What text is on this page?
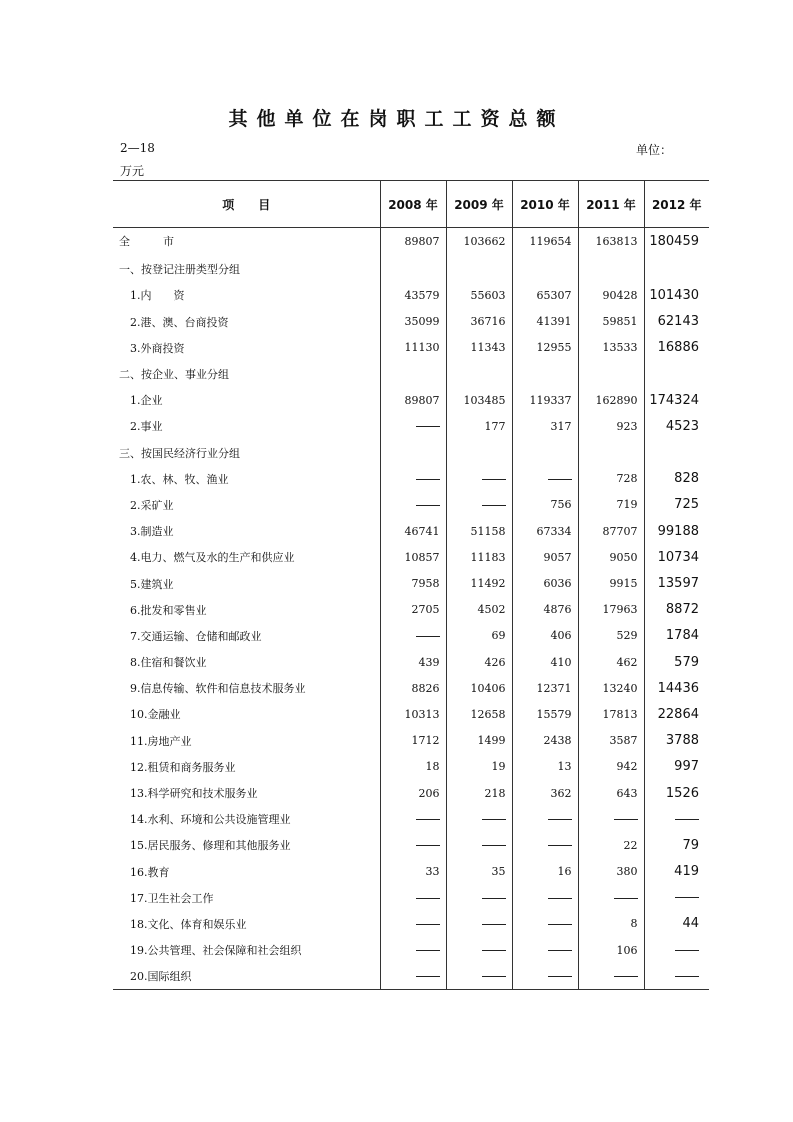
其他单位在岗职工工资总额
2—18	单位：
万元
项　　目	2008 年	2009 年	2010 年	2011 年	2012 年
全　　　市	89807	103662	119654	163813	180459
一、按登记注册类型分组					
　1.内　　资	43579	55603	65307	90428	101430
　2.港、澳、台商投资	35099	36716	41391	59851	62143
　3.外商投资	11130	11343	12955	13533	16886
二、按企业、事业分组					
　1.企业	89807	103485	119337	162890	174324
　2.事业		177	317	923	4523
三、按国民经济行业分组					
　1.农、林、牧、渔业				728	828
　2.采矿业			756	719	725
　3.制造业	46741	51158	67334	87707	99188
　4.电力、燃气及水的生产和供应业	10857	11183	9057	9050	10734
　5.建筑业	7958	11492	6036	9915	13597
　6.批发和零售业	2705	4502	4876	17963	8872
　7.交通运输、仓储和邮政业		69	406	529	1784
　8.住宿和餐饮业	439	426	410	462	579
　9.信息传输、软件和信息技术服务业	8826	10406	12371	13240	14436
　10.金融业	10313	12658	15579	17813	22864
　11.房地产业	1712	1499	2438	3587	3788
　12.租赁和商务服务业	18	19	13	942	997
　13.科学研究和技术服务业	206	218	362	643	1526
　14.水利、环境和公共设施管理业					
　15.居民服务、修理和其他服务业				22	79
　16.教育	33	35	16	380	419
　17.卫生社会工作					
　18.文化、体育和娱乐业				8	44
　19.公共管理、社会保障和社会组织				106	
　20.国际组织					
